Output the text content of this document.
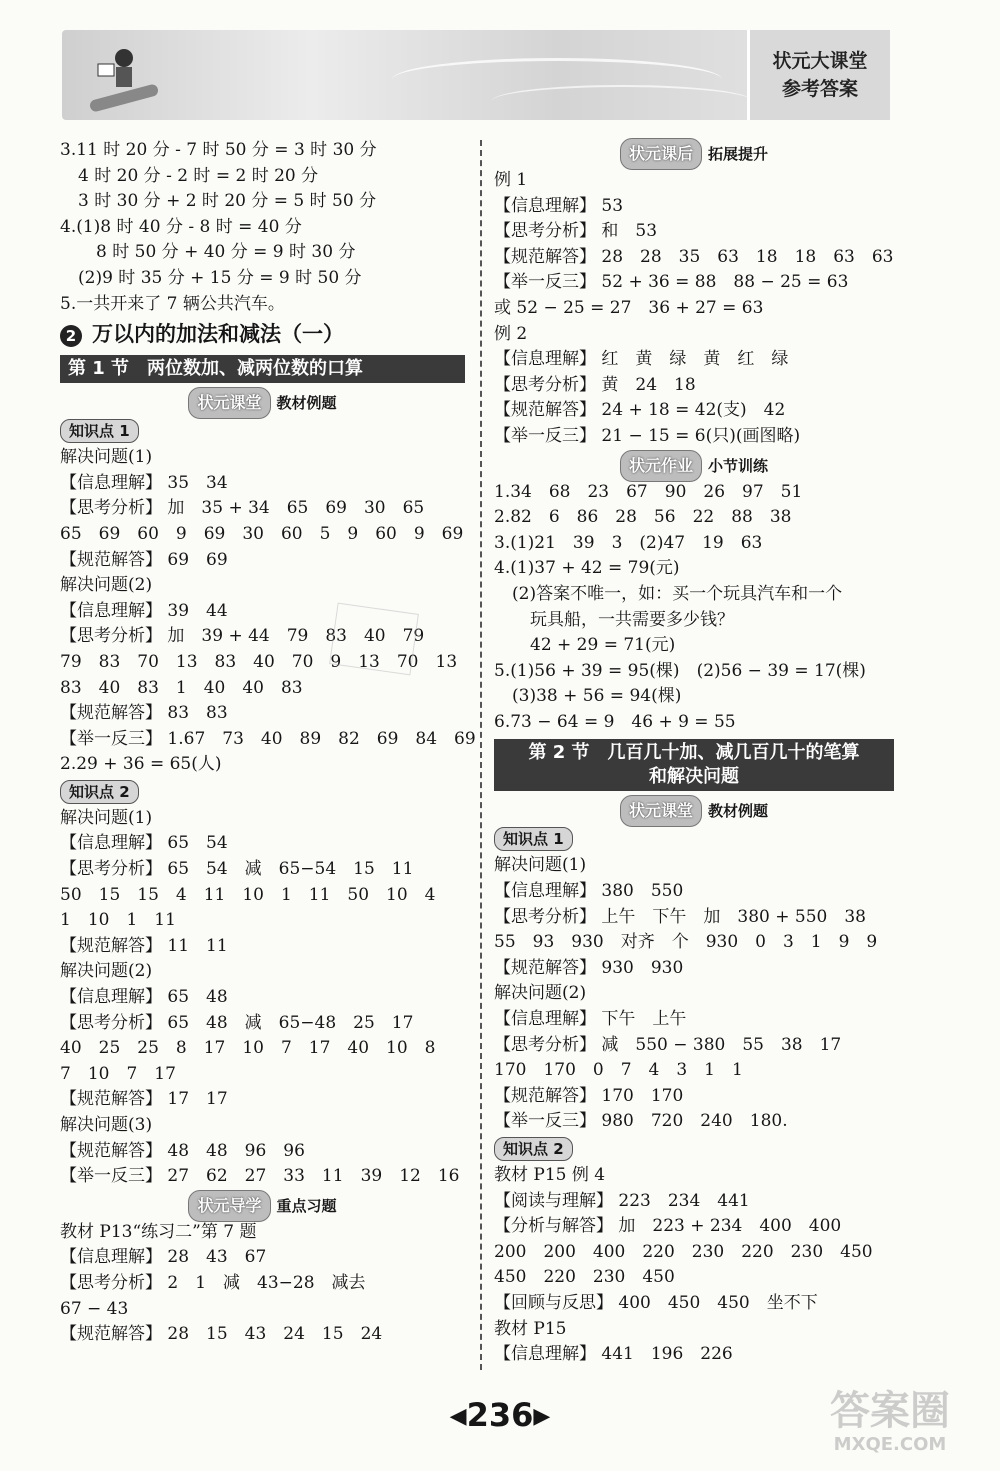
状元大课堂
参考答案
3.11 时 20 分 - 7 时 50 分 = 3 时 30 分
4 时 20 分 - 2 时 = 2 时 20 分
3 时 30 分 + 2 时 20 分 = 5 时 50 分
4.(1)8 时 40 分 - 8 时 = 40 分
8 时 50 分 + 40 分 = 9 时 30 分
(2)9 时 35 分 + 15 分 = 9 时 50 分
5.一共开来了 7 辆公共汽车。
2 万以内的加法和减法（一）
第 1 节　两位数加、减两位数的口算
状元课堂 教材例题
知识点 1
解决问题(1)
【信息理解】 35　34
【思考分析】 加　35 + 34　65　69　30　65
65　69　60　9　69　30　60　5　9　60　9　69
【规范解答】 69　69
解决问题(2)
【信息理解】 39　44
【思考分析】 加　39 + 44　79　83　40　79
79　83　70　13　83　40　70　9　13　70　13
83　40　83　1　40　40　83
【规范解答】 83　83
【举一反三】 1.67　73　40　89　82　69　84　69
2.29 + 36 = 65(人)
知识点 2
解决问题(1)
【信息理解】 65　54
【思考分析】 65　54　减　65−54　15　11
50　15　15　4　11　10　1　11　50　10　4
1　10　1　11
【规范解答】 11　11
解决问题(2)
【信息理解】 65　48
【思考分析】 65　48　减　65−48　25　17
40　25　25　8　17　10　7　17　40　10　8
7　10　7　17
【规范解答】 17　17
解决问题(3)
【规范解答】 48　48　96　96
【举一反三】 27　62　27　33　11　39　12　16
状元导学 重点习题
教材 P13“练习二”第 7 题
【信息理解】 28　43　67
【思考分析】 2　1　减　43−28　减去
67 − 43
【规范解答】 28　15　43　24　15　24
状元课后 拓展提升
例 1
【信息理解】 53
【思考分析】 和　53
【规范解答】 28　28　35　63　18　18　63　63
【举一反三】 52 + 36 = 88　88 − 25 = 63
或 52 − 25 = 27　36 + 27 = 63
例 2
【信息理解】 红　黄　绿　黄　红　绿
【思考分析】 黄　24　18
【规范解答】 24 + 18 = 42(支)　42
【举一反三】 21 − 15 = 6(只)(画图略)
状元作业 小节训练
1.34　68　23　67　90　26　97　51
2.82　6　86　28　56　22　88　38
3.(1)21　39　3　(2)47　19　63
4.(1)37 + 42 = 79(元)
(2)答案不唯一，如：买一个玩具汽车和一个
玩具船，一共需要多少钱？
42 + 29 = 71(元)
5.(1)56 + 39 = 95(棵)　(2)56 − 39 = 17(棵)
(3)38 + 56 = 94(棵)
6.73 − 64 = 9　46 + 9 = 55
第 2 节　几百几十加、减几百几十的笔算
和解决问题
状元课堂 教材例题
知识点 1
解决问题(1)
【信息理解】 380　550
【思考分析】 上午　下午　加　380 + 550　38
55　93　930　对齐　个　930　0　3　1　9　9
【规范解答】 930　930
解决问题(2)
【信息理解】 下午　上午
【思考分析】 减　550 − 380　55　38　17
170　170　0　7　4　3　1　1
【规范解答】 170　170
【举一反三】 980　720　240　180.
知识点 2
教材 P15 例 4
【阅读与理解】 223　234　441
【分析与解答】 加　223 + 234　400　400
200　200　400　220　230　220　230　450
450　220　230　450
【回顾与反思】 400　450　450　坐不下
教材 P15
【信息理解】 441　196　226
◀236▶	答案圈
MXQE.COM
